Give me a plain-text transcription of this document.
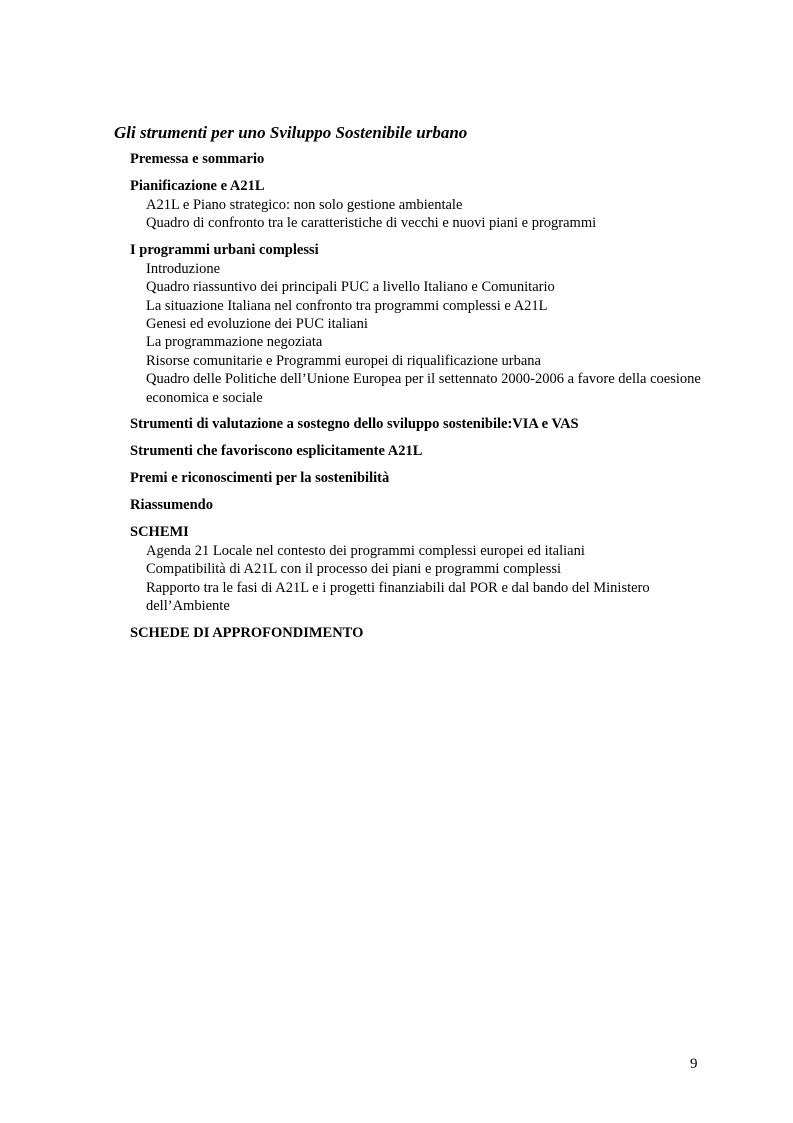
Gli strumenti per uno Sviluppo Sostenibile urbano
Premessa e sommario
Pianificazione e A21L
A21L e Piano strategico: non solo gestione ambientale
Quadro di confronto tra le caratteristiche di vecchi e nuovi piani e programmi
I programmi urbani complessi
Introduzione
Quadro riassuntivo dei principali PUC a livello Italiano e Comunitario
La situazione Italiana nel confronto tra programmi complessi e A21L
Genesi ed evoluzione dei PUC italiani
La programmazione negoziata
Risorse comunitarie e Programmi europei di riqualificazione urbana
Quadro delle Politiche dell’Unione Europea per il settennato 2000-2006 a favore della coesione economica e sociale
Strumenti di valutazione a sostegno dello sviluppo sostenibile:VIA e VAS
Strumenti che favoriscono esplicitamente A21L
Premi e riconoscimenti per la sostenibilità
Riassumendo
SCHEMI
Agenda 21 Locale nel contesto dei programmi complessi europei ed italiani
Compatibilità di A21L con il processo dei piani e programmi complessi
Rapporto tra le fasi di A21L e i progetti finanziabili dal POR e dal bando del Ministero dell’Ambiente
SCHEDE DI APPROFONDIMENTO
9
